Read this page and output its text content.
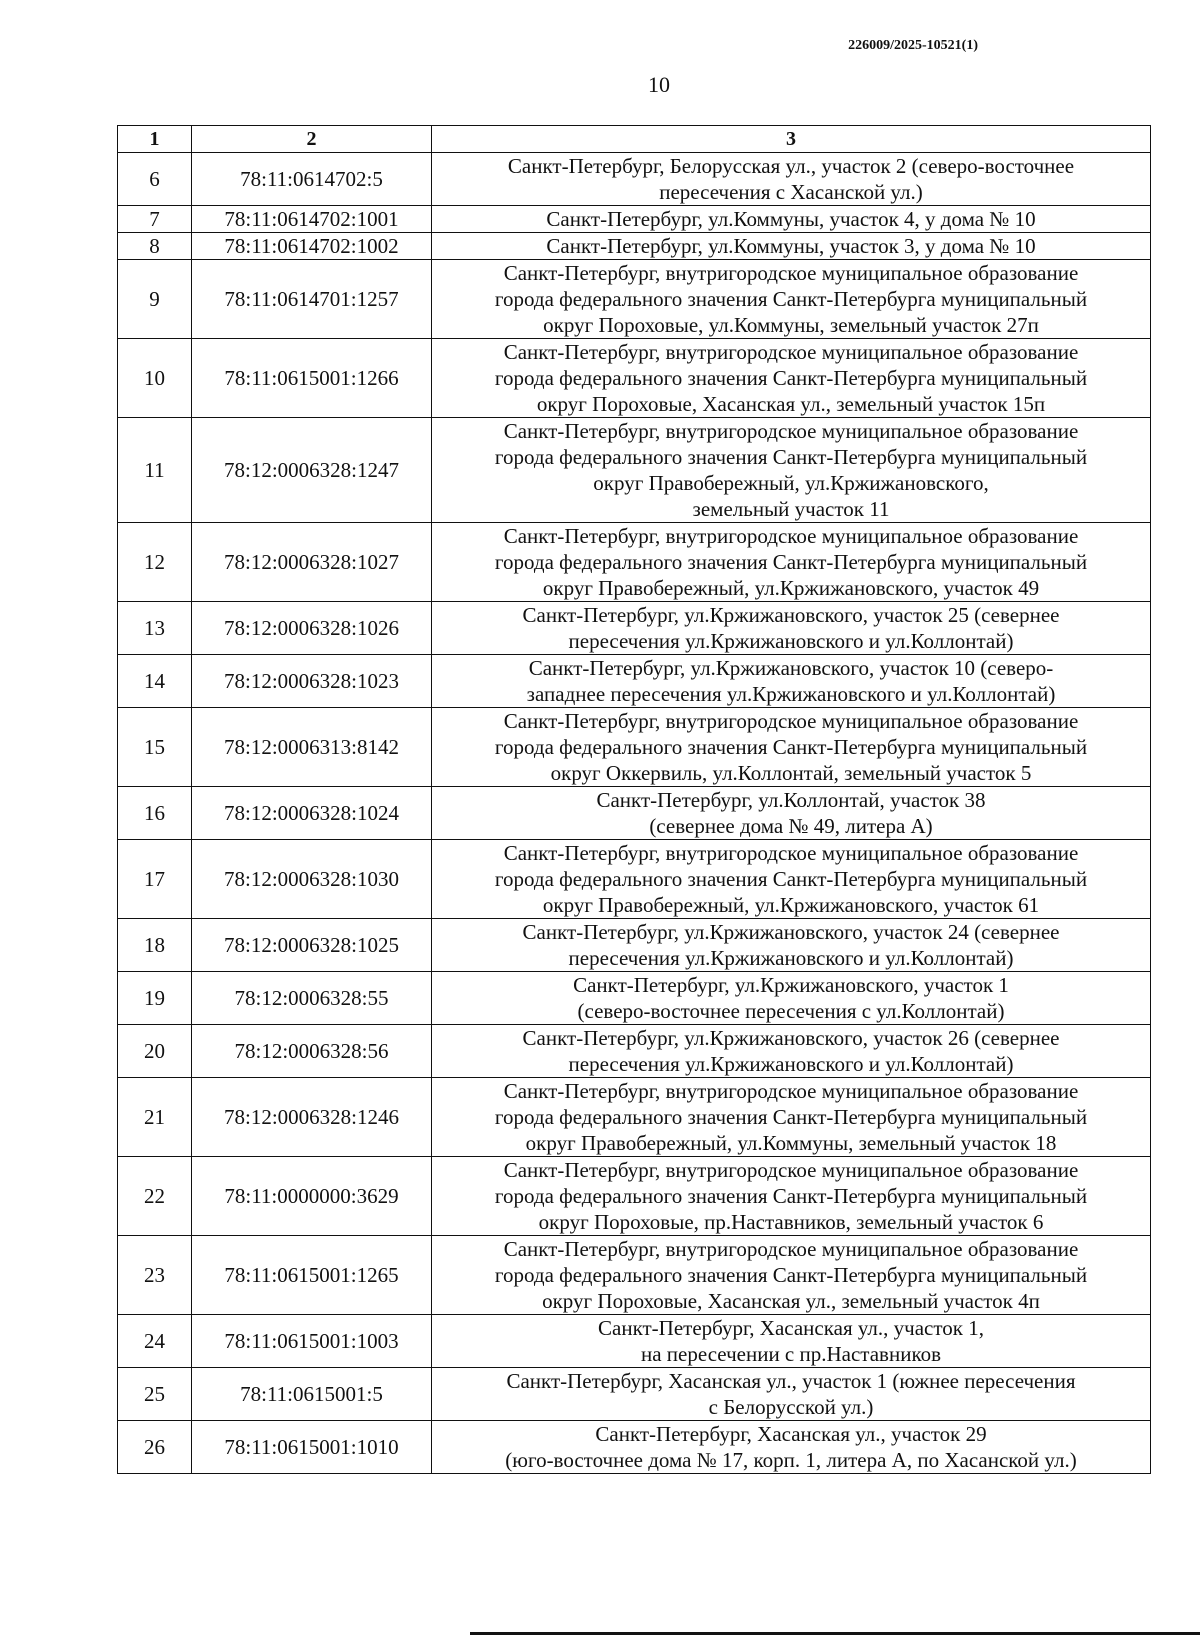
226009/2025-10521(1)
10
1	2	3
6	78:11:0614702:5	Санкт-Петербург, Белорусская ул., участок 2 (северо-восточнее
пересечения с Хасанской ул.)
7	78:11:0614702:1001	Санкт-Петербург, ул.Коммуны, участок 4, у дома № 10
8	78:11:0614702:1002	Санкт-Петербург, ул.Коммуны, участок 3, у дома № 10
9	78:11:0614701:1257	Санкт-Петербург, внутригородское муниципальное образование
города федерального значения Санкт-Петербурга муниципальный
округ Пороховые, ул.Коммуны, земельный участок 27п
10	78:11:0615001:1266	Санкт-Петербург, внутригородское муниципальное образование
города федерального значения Санкт-Петербурга муниципальный
округ Пороховые, Хасанская ул., земельный участок 15п
11	78:12:0006328:1247	Санкт-Петербург, внутригородское муниципальное образование
города федерального значения Санкт-Петербурга муниципальный
округ Правобережный, ул.Кржижановского,
земельный участок 11
12	78:12:0006328:1027	Санкт-Петербург, внутригородское муниципальное образование
города федерального значения Санкт-Петербурга муниципальный
округ Правобережный, ул.Кржижановского, участок 49
13	78:12:0006328:1026	Санкт-Петербург, ул.Кржижановского, участок 25 (севернее
пересечения ул.Кржижановского и ул.Коллонтай)
14	78:12:0006328:1023	Санкт-Петербург, ул.Кржижановского, участок 10 (северо-
западнее пересечения ул.Кржижановского и ул.Коллонтай)
15	78:12:0006313:8142	Санкт-Петербург, внутригородское муниципальное образование
города федерального значения Санкт-Петербурга муниципальный
округ Оккервиль, ул.Коллонтай, земельный участок 5
16	78:12:0006328:1024	Санкт-Петербург, ул.Коллонтай, участок 38
(севернее дома № 49, литера А)
17	78:12:0006328:1030	Санкт-Петербург, внутригородское муниципальное образование
города федерального значения Санкт-Петербурга муниципальный
округ Правобережный, ул.Кржижановского, участок 61
18	78:12:0006328:1025	Санкт-Петербург, ул.Кржижановского, участок 24 (севернее
пересечения ул.Кржижановского и ул.Коллонтай)
19	78:12:0006328:55	Санкт-Петербург, ул.Кржижановского, участок 1
(северо-восточнее пересечения с ул.Коллонтай)
20	78:12:0006328:56	Санкт-Петербург, ул.Кржижановского, участок 26 (севернее
пересечения ул.Кржижановского и ул.Коллонтай)
21	78:12:0006328:1246	Санкт-Петербург, внутригородское муниципальное образование
города федерального значения Санкт-Петербурга муниципальный
округ Правобережный, ул.Коммуны, земельный участок 18
22	78:11:0000000:3629	Санкт-Петербург, внутригородское муниципальное образование
города федерального значения Санкт-Петербурга муниципальный
округ Пороховые, пр.Наставников, земельный участок 6
23	78:11:0615001:1265	Санкт-Петербург, внутригородское муниципальное образование
города федерального значения Санкт-Петербурга муниципальный
округ Пороховые, Хасанская ул., земельный участок 4п
24	78:11:0615001:1003	Санкт-Петербург, Хасанская ул., участок 1,
на пересечении с пр.Наставников
25	78:11:0615001:5	Санкт-Петербург, Хасанская ул., участок 1 (южнее пересечения
с Белорусской ул.)
26	78:11:0615001:1010	Санкт-Петербург, Хасанская ул., участок 29
(юго-восточнее дома № 17, корп. 1, литера А, по Хасанской ул.)
